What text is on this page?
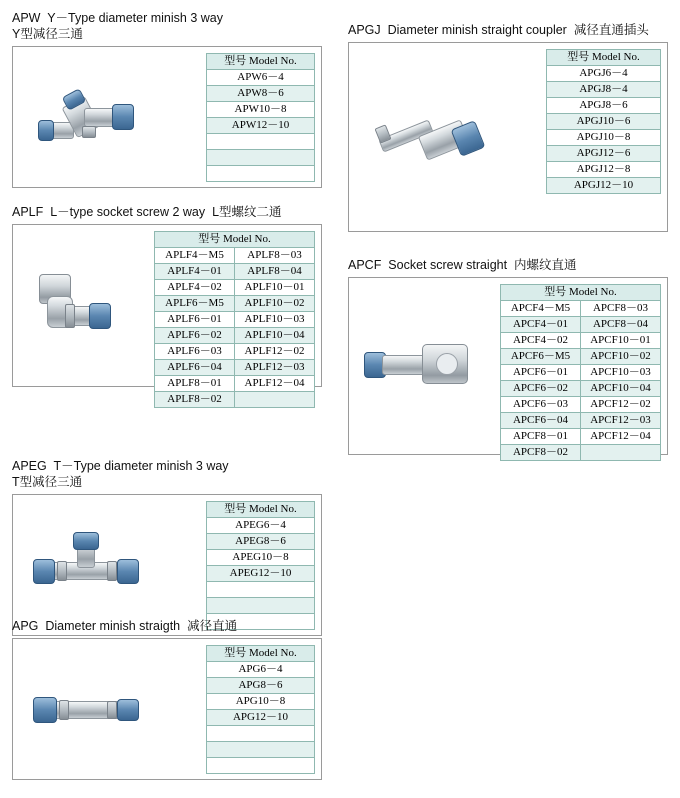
APW Y－Type diameter minish 3 way
Y型减径三通
型号 Model No.
APW6－4
APW8－6
APW10－8
APW12－10

APGJ Diameter minish straight coupler 减径直通插头
型号 Model No.
APGJ6－4
APGJ8－4
APGJ8－6
APGJ10－6
APGJ10－8
APGJ12－6
APGJ12－8
APGJ12－10
APLF L－type socket screw 2 way L型螺纹二通
型号 Model No.	
APLF4－M5	APLF8－03
APLF4－01	APLF8－04
APLF4－02	APLF10－01
APLF6－M5	APLF10－02
APLF6－01	APLF10－03
APLF6－02	APLF10－04
APLF6－03	APLF12－02
APLF6－04	APLF12－03
APLF8－01	APLF12－04
APLF8－02	
APCF Socket screw straight 内螺纹直通
型号 Model No.	
APCF4－M5	APCF8－03
APCF4－01	APCF8－04
APCF4－02	APCF10－01
APCF6－M5	APCF10－02
APCF6－01	APCF10－03
APCF6－02	APCF10－04
APCF6－03	APCF12－02
APCF6－04	APCF12－03
APCF8－01	APCF12－04
APCF8－02	
APEG T－Type diameter minish 3 way
T型减径三通
型号 Model No.
APEG6－4
APEG8－6
APEG10－8
APEG12－10

APG Diameter minish straigth 减径直通
型号 Model No.
APG6－4
APG8－6
APG10－8
APG12－10
